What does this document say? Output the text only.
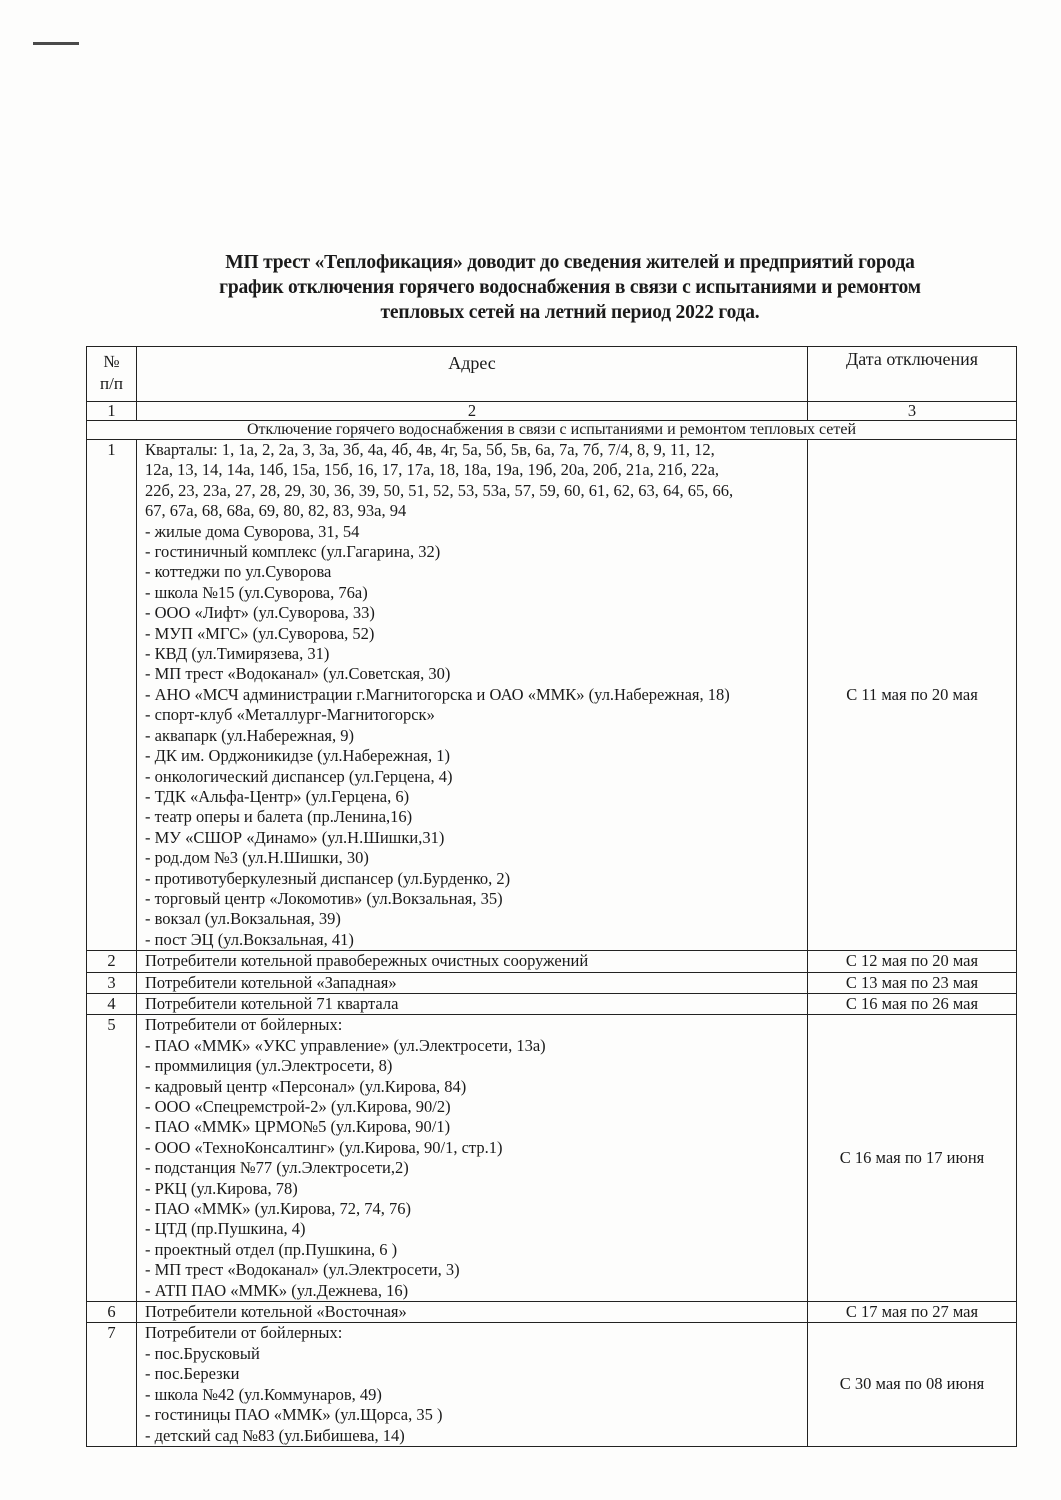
МП трест «Теплофикация» доводит до сведения жителей и предприятий города
график отключения горячего водоснабжения в связи с испытаниями и ремонтом
тепловых сетей на летний период 2022 года.
№
п/п	Адрес	Дата отключения
1	2	3
Отключение горячего водоснабжения в связи с испытаниями и ремонтом тепловых сетей		
1	Кварталы: 1, 1а, 2, 2а, 3, 3а, 3б, 4а, 4б, 4в, 4г, 5а, 5б, 5в, 6а, 7а, 7б, 7/4, 8, 9, 11, 12,
12а, 13, 14, 14а, 14б, 15а, 15б, 16, 17, 17а, 18, 18а, 19а, 19б, 20а, 20б, 21а, 21б, 22а,
22б, 23, 23а, 27, 28, 29, 30, 36, 39, 50, 51, 52, 53, 53а, 57, 59, 60, 61, 62, 63, 64, 65, 66,
67, 67а, 68, 68а, 69, 80, 82, 83, 93а, 94
- жилые дома Суворова, 31, 54
- гостиничный комплекс (ул.Гагарина, 32)
- коттеджи по ул.Суворова
- школа №15 (ул.Суворова, 76а)
- ООО «Лифт» (ул.Суворова, 33)
- МУП «МГС» (ул.Суворова, 52)
- КВД (ул.Тимирязева, 31)
- МП трест «Водоканал» (ул.Советская, 30)
- АНО «МСЧ администрации г.Магнитогорска и ОАО «ММК» (ул.Набережная, 18)
- спорт-клуб «Металлург-Магнитогорск»
- аквапарк (ул.Набережная, 9)
- ДК им. Орджоникидзе (ул.Набережная, 1)
- онкологический диспансер (ул.Герцена, 4)
- ТДК «Альфа-Центр» (ул.Герцена, 6)
- театр оперы и балета (пр.Ленина,16)
- МУ «СШОР «Динамо» (ул.Н.Шишки,31)
- род.дом №3 (ул.Н.Шишки, 30)
- противотуберкулезный диспансер (ул.Бурденко, 2)
- торговый центр «Локомотив» (ул.Вокзальная, 35)
- вокзал (ул.Вокзальная, 39)
- пост ЭЦ (ул.Вокзальная, 41)
	С 11 мая по 20 мая
2	Потребители котельной правобережных очистных сооружений	С 12 мая по 20 мая
3	Потребители котельной «Западная»	С 13 мая по 23 мая
4	Потребители котельной 71 квартала	С 16 мая по 26 мая
5	Потребители от бойлерных:
- ПАО «ММК» «УКС управление» (ул.Электросети, 13а)
- проммилиция (ул.Электросети, 8)
- кадровый центр «Персонал» (ул.Кирова, 84)
- ООО «Спецремстрой-2» (ул.Кирова, 90/2)
- ПАО «ММК» ЦРМО№5 (ул.Кирова, 90/1)
- ООО «ТехноКонсалтинг» (ул.Кирова, 90/1, стр.1)
- подстанция №77 (ул.Электросети,2)
- РКЦ (ул.Кирова, 78)
- ПАО «ММК» (ул.Кирова, 72, 74, 76)
- ЦТД (пр.Пушкина, 4)
- проектный отдел (пр.Пушкина, 6 )
- МП трест «Водоканал» (ул.Электросети, 3)
- АТП ПАО «ММК» (ул.Дежнева, 16)
	С 16 мая по 17 июня
6	Потребители котельной «Восточная»	С 17 мая по 27 мая
7	Потребители от бойлерных:
- пос.Брусковый
- пос.Березки
- школа №42 (ул.Коммунаров, 49)
- гостиницы ПАО «ММК» (ул.Щорса, 35 )
- детский сад №83 (ул.Бибишева, 14)
	С 30 мая по 08 июня
